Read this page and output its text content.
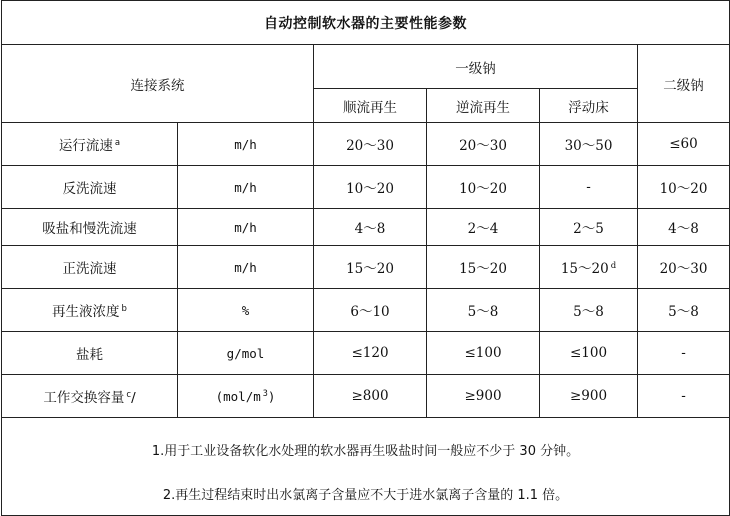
自动控制软水器的主要性能参数					
连接系统		一级钠			二级钠
		顺流再生	逆流再生	浮动床	
运行流速 $^a$	m/h	20～30	20～30	30～50	≤60
反洗流速	m/h	10～20	10～20	-	10～20
吸盐和慢洗流速	m/h	4～8	2～4	2～5	4～8
正洗流速	m/h	15～20	15～20	15～20 $^d$	20～30
再生液浓度 $^b$	%	6～10	5～8	5～8	5～8
盐耗	g/mol	≤120	≤100	≤100	-
工作交换容量 $^c$/	(mol/m $^3$)	≥800	≥900	≥900	-

1.用于工业设备软化水处理的软水器再生吸盐时间一般应不少于 30 分钟。
2.再生过程结束时出水氯离子含量应不大于进水氯离子含量的 1.1 倍。					
